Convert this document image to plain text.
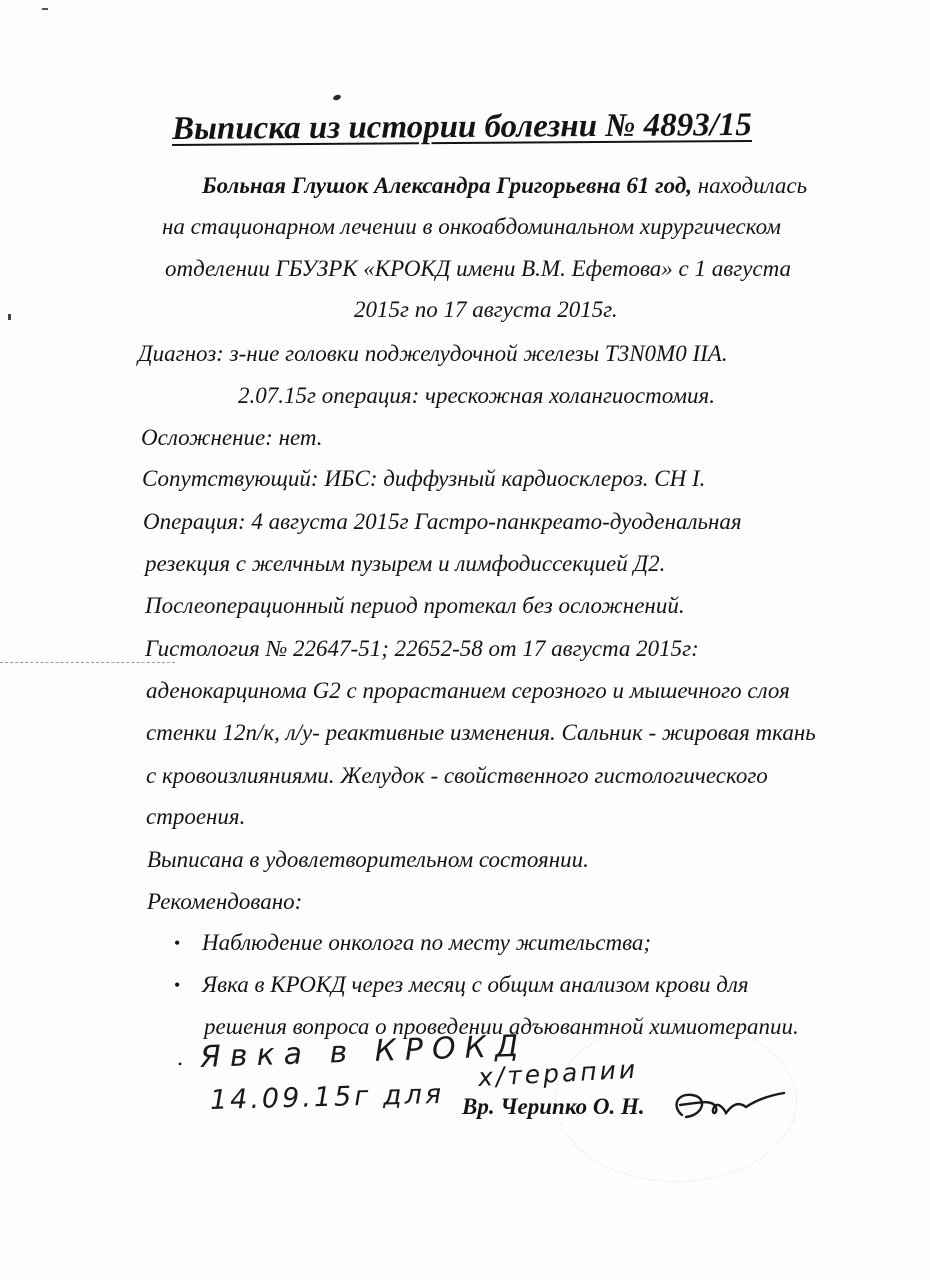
Выписка из истории болезни № 4893/15
Больная Глушок Александра Григорьевна 61 год, находилась
на стационарном лечении в онкоабдоминальном хирургическом
отделении ГБУЗРК «КРОКД имени В.М. Ефетова» с 1 августа
2015г по 17 августа 2015г.
Диагноз: з-ние головки поджелудочной железы T3N0M0 IIA.
2.07.15г операция: чрескожная холангиостомия.
Осложнение: нет.
Сопутствующий: ИБС: диффузный кардиосклероз. СН I.
Операция: 4 августа 2015г Гастро-панкреато-дуоденальная
резекция с желчным пузырем и лимфодиссекцией Д2.
Послеоперационный период протекал без осложнений.
Гистология № 22647-51; 22652-58 от 17 августа 2015г:
аденокарцинома G2 с прорастанием серозного и мышечного слоя
стенки 12п/к, л/у- реактивные изменения. Сальник - жировая ткань
с кровоизлияниями. Желудок - свойственного гистологического
строения.
Выписана в удовлетворительном состоянии.
Рекомендовано:
• Наблюдение онколога по месту жительства;
• Явка в КРОКД через месяц с общим анализом крови для
решения вопроса о проведении адъювантной химиотерапии.
• Явка в КРОКД
14.09.15г для
х/терапии
Вр. Черипко О. Н.
